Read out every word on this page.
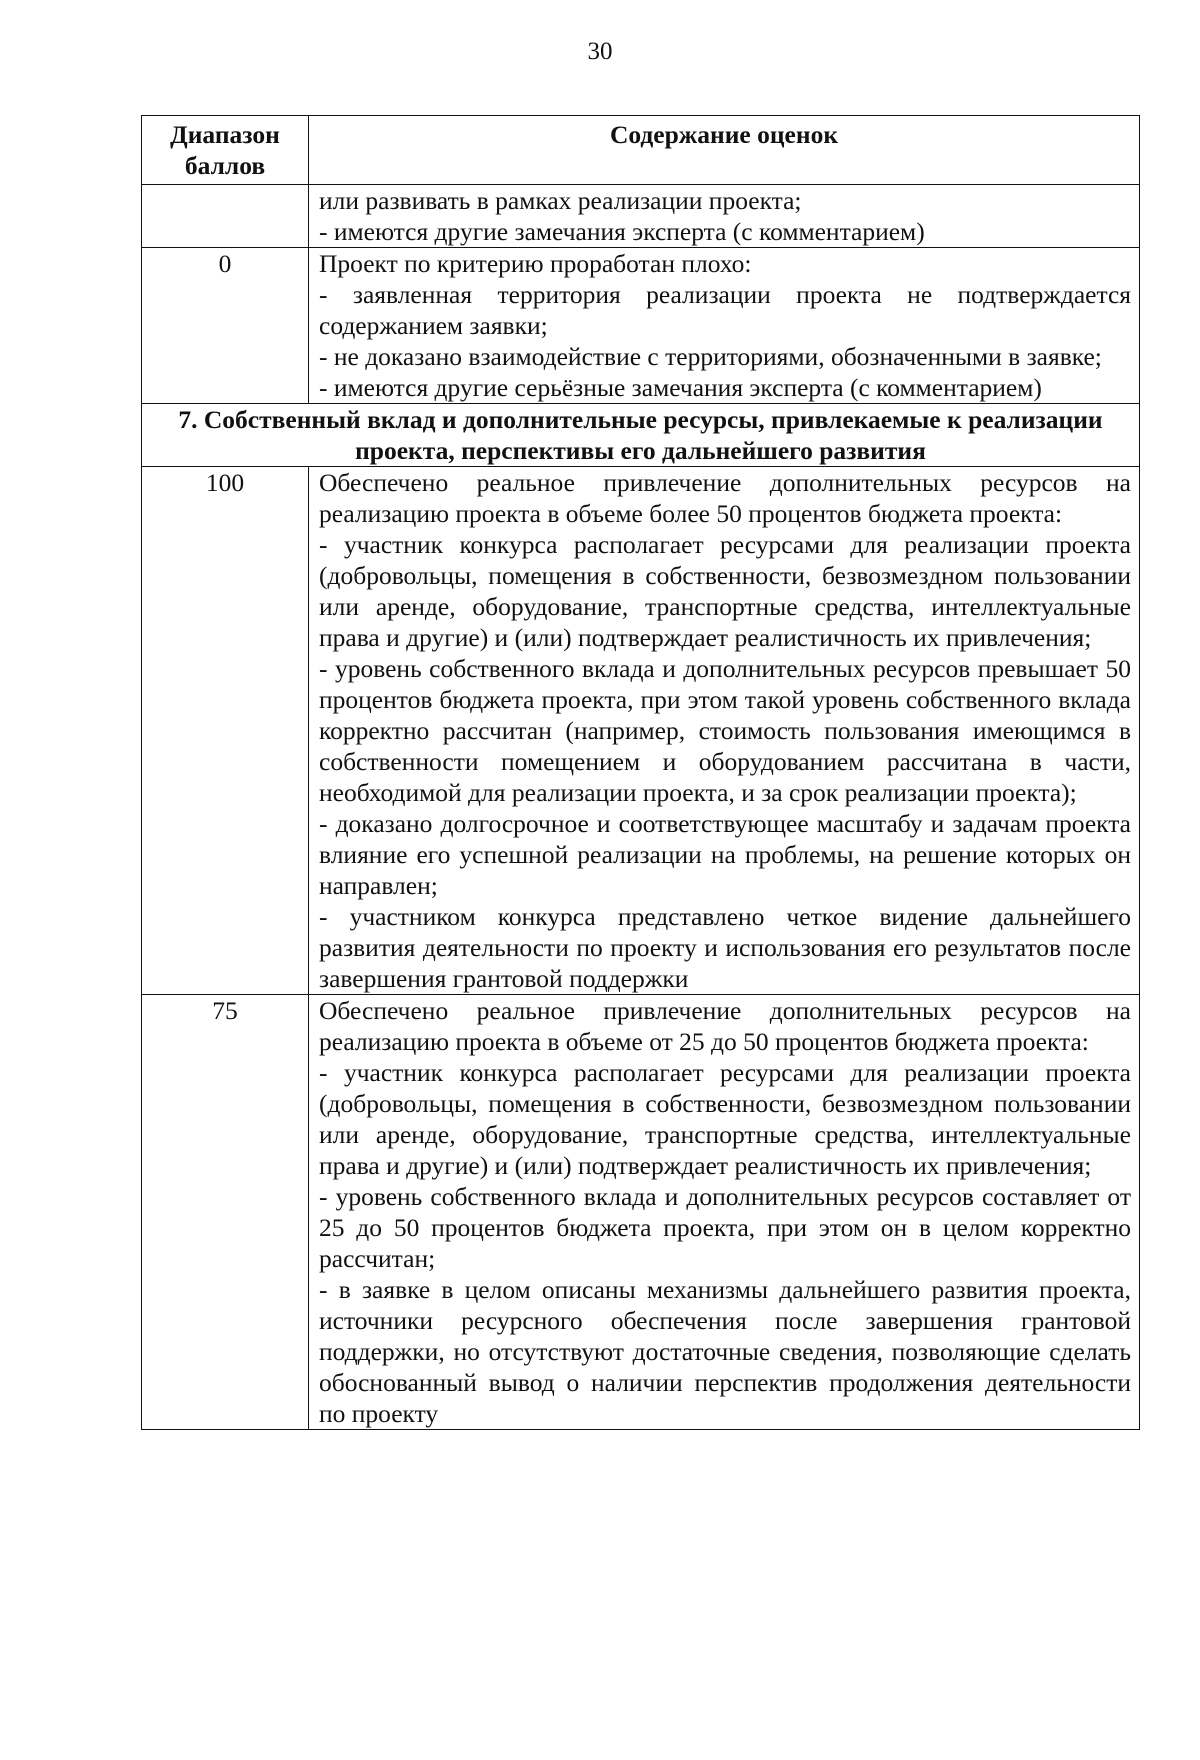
30
Диапазон баллов	Содержание оценок

	или развивать в рамках реализации проекта;
- имеются другие замечания эксперта (с комментарием)

0	Проект по критерию проработан плохо:
- заявленная территория реализации проекта не подтверждается содержанием заявки;
- не доказано взаимодействие с территориями, обозначенными в заявке;
- имеются другие серьёзные замечания эксперта (с комментарием)

7. Собственный вклад и дополнительные ресурсы, привлекаемые к реализации проекта, перспективы его дальнейшего развития	
100	Обеспечено реальное привлечение дополнительных ресурсов на реализацию проекта в объеме более 50 процентов бюджета проекта:
- участник конкурса располагает ресурсами для реализации проекта (добровольцы, помещения в собственности, безвозмездном пользовании или аренде, оборудование, транспортные средства, интеллектуальные права и другие) и (или) подтверждает реалистичность их привлечения;
- уровень собственного вклада и дополнительных ресурсов превышает 50 процентов бюджета проекта, при этом такой уровень собственного вклада корректно рассчитан (например, стоимость пользования имеющимся в собственности помещением и оборудованием рассчитана в части, необходимой для реализации проекта, и за срок реализации проекта);
- доказано долгосрочное и соответствующее масштабу и задачам проекта влияние его успешной реализации на проблемы, на решение которых он направлен;
- участником конкурса представлено четкое видение дальнейшего развития деятельности по проекту и использования его результатов после завершения грантовой поддержки

75	Обеспечено реальное привлечение дополнительных ресурсов на реализацию проекта в объеме от 25 до 50 процентов бюджета проекта:
- участник конкурса располагает ресурсами для реализации проекта (добровольцы, помещения в собственности, безвозмездном пользовании или аренде, оборудование, транспортные средства, интеллектуальные права и другие) и (или) подтверждает реалистичность их привлечения;
- уровень собственного вклада и дополнительных ресурсов составляет от 25 до 50 процентов бюджета проекта, при этом он в целом корректно рассчитан;
- в заявке в целом описаны механизмы дальнейшего развития проекта, источники ресурсного обеспечения после завершения грантовой поддержки, но отсутствуют достаточные сведения, позволяющие сделать обоснованный вывод о наличии перспектив продолжения деятельности по проекту
